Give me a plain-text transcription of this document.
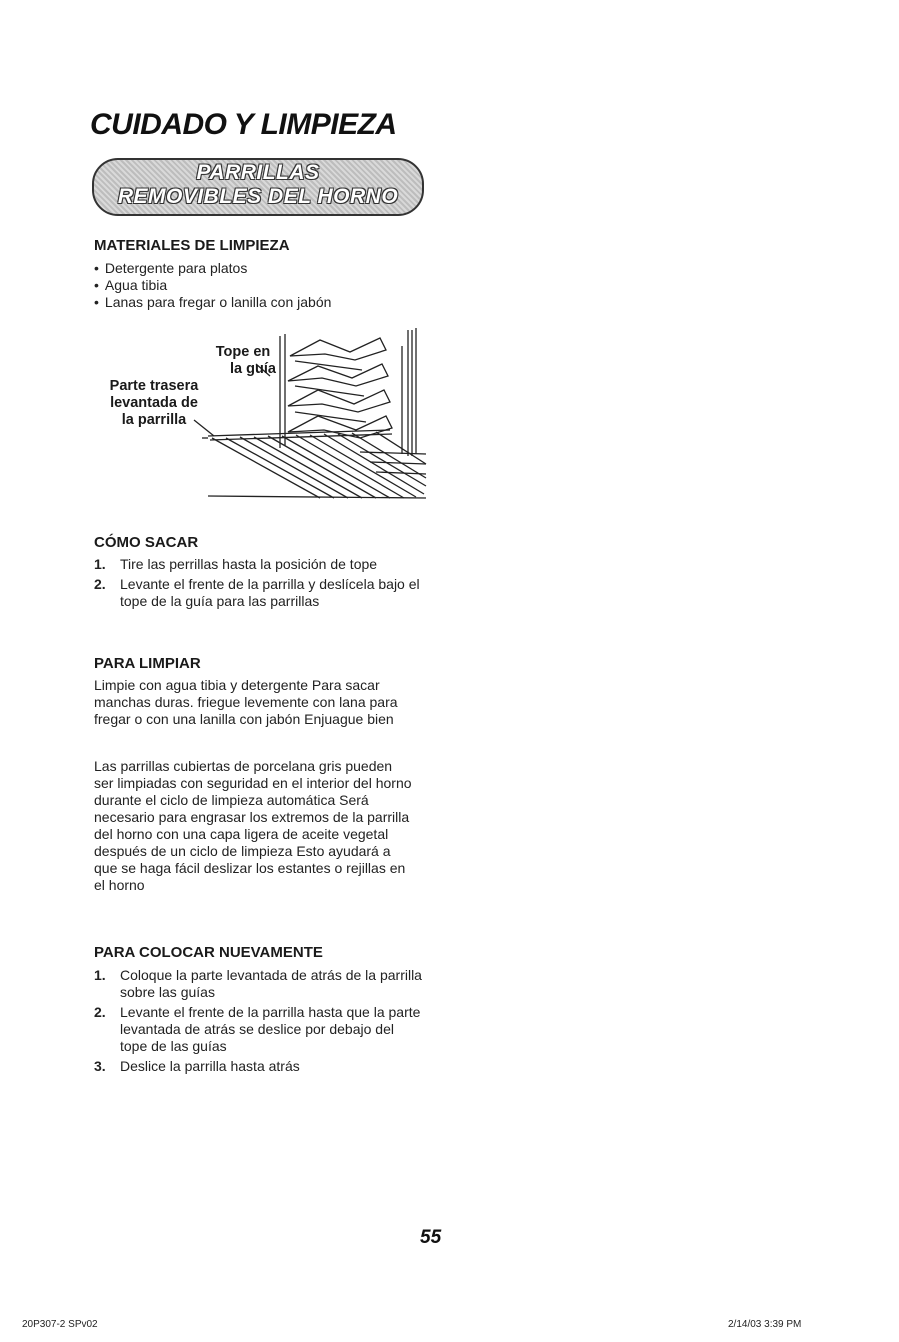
CUIDADO Y LIMPIEZA
PARRILLAS
REMOVIBLES DEL HORNO
MATERIALES DE LIMPIEZA
• Detergente para platos
• Agua tibia
• Lanas para fregar o lanilla con jabón
Tope en
la guía
Parte trasera
levantada de
la parrilla
CÓMO SACAR
1. Tire las perrillas hasta la posición de tope
2. Levante el frente de la parrilla y deslícela bajo el tope de la guía para las parrillas
PARA LIMPIAR

Limpie con agua tibia y detergente Para sacar manchas duras. friegue levemente con lana para fregar o con una lanilla con jabón Enjuague bien

Las parrillas cubiertas de porcelana gris pueden ser limpiadas con seguridad en el interior del horno durante el ciclo de limpieza automática Será necesario para engrasar los extremos de la parrilla del horno con una capa ligera de aceite vegetal después de un ciclo de limpieza Esto ayudará a que se haga fácil deslizar los estantes o rejillas en el horno

PARA COLOCAR NUEVAMENTE
1. Coloque la parte levantada de atrás de la parrilla sobre las guías
2. Levante el frente de la parrilla hasta que la parte levantada de atrás se deslice por debajo del tope de las guías
3. Deslice la parrilla hasta atrás
55
20P307-2 SPv02	2/14/03 3:39 PM
